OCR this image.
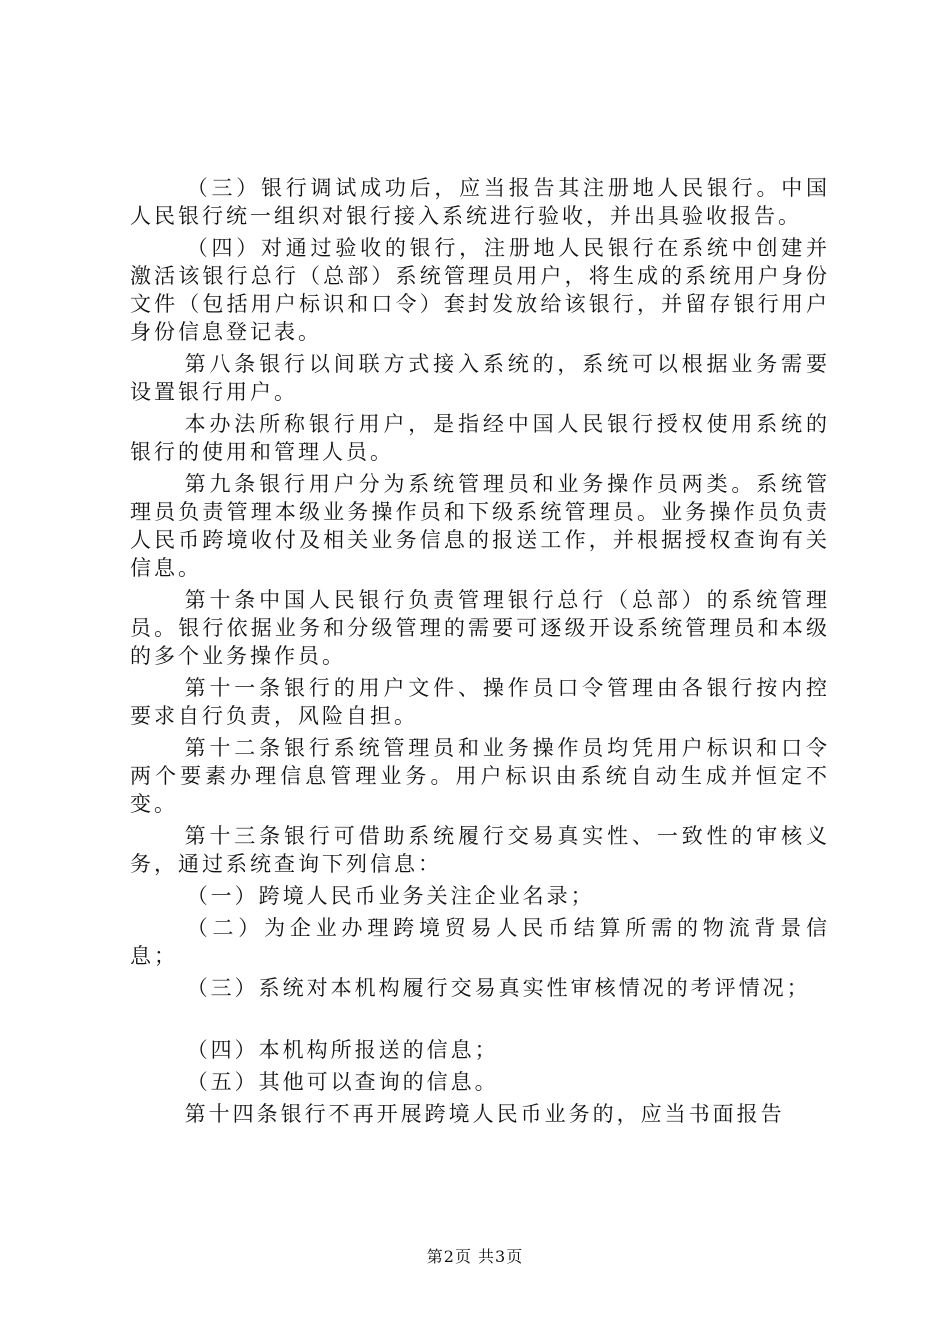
（三）银行调试成功后，应当报告其注册地人民银行。中国人民银行统一组织对银行接入系统进行验收，并出具验收报告。

（四）对通过验收的银行，注册地人民银行在系统中创建并激活该银行总行（总部）系统管理员用户，将生成的系统用户身份文件（包括用户标识和口令）套封发放给该银行，并留存银行用户身份信息登记表。

第八条银行以间联方式接入系统的，系统可以根据业务需要设置银行用户。

本办法所称银行用户，是指经中国人民银行授权使用系统的银行的使用和管理人员。

第九条银行用户分为系统管理员和业务操作员两类。系统管理员负责管理本级业务操作员和下级系统管理员。业务操作员负责人民币跨境收付及相关业务信息的报送工作，并根据授权查询有关信息。

第十条中国人民银行负责管理银行总行（总部）的系统管理员。银行依据业务和分级管理的需要可逐级开设系统管理员和本级的多个业务操作员。

第十一条银行的用户文件、操作员口令管理由各银行按内控要求自行负责，风险自担。

第十二条银行系统管理员和业务操作员均凭用户标识和口令两个要素办理信息管理业务。用户标识由系统自动生成并恒定不变。

第十三条银行可借助系统履行交易真实性、一致性的审核义务，通过系统查询下列信息：

（一）跨境人民币业务关注企业名录；

（二）为企业办理跨境贸易人民币结算所需的物流背景信息；

（三）系统对本机构履行交易真实性审核情况的考评情况；

（四）本机构所报送的信息；

（五）其他可以查询的信息。

第十四条银行不再开展跨境人民币业务的，应当书面报告

第2页 共3页
